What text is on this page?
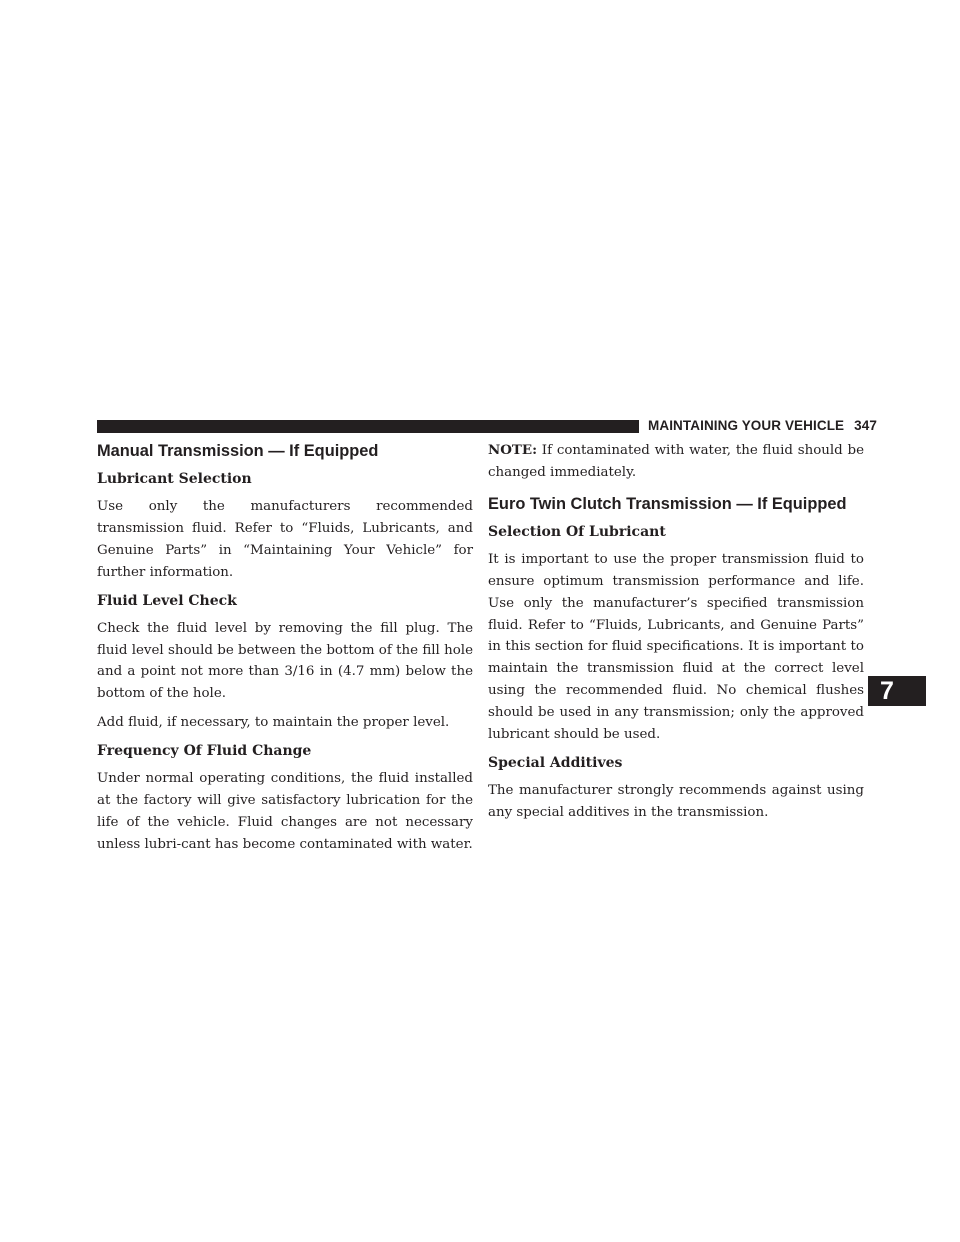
MAINTAINING YOUR VEHICLE 347
Manual Transmission — If Equipped
Lubricant Selection

Use only the manufacturers recommended transmission fluid. Refer to “Fluids, Lubricants, and Genuine Parts” in “Maintaining Your Vehicle” for further information.

Fluid Level Check

Check the fluid level by removing the fill plug. The fluid level should be between the bottom of the fill hole and a point not more than 3/16 in (4.7 mm) below the bottom of the hole.

Add fluid, if necessary, to maintain the proper level.

Frequency Of Fluid Change

Under normal operating conditions, the fluid installed at the factory will give satisfactory lubrication for the life of the vehicle. Fluid changes are not necessary unless lubri-cant has become contaminated with water.

NOTE: If contaminated with water, the fluid should be changed immediately.

Euro Twin Clutch Transmission — If Equipped
Selection Of Lubricant

It is important to use the proper transmission fluid to ensure optimum transmission performance and life. Use only the manufacturer’s specified transmission fluid. Refer to “Fluids, Lubricants, and Genuine Parts” in this section for fluid specifications. It is important to maintain the transmission fluid at the correct level using the recommended fluid. No chemical flushes should be used in any transmission; only the approved lubricant should be used.

Special Additives

The manufacturer strongly recommends against using any special additives in the transmission.

7
